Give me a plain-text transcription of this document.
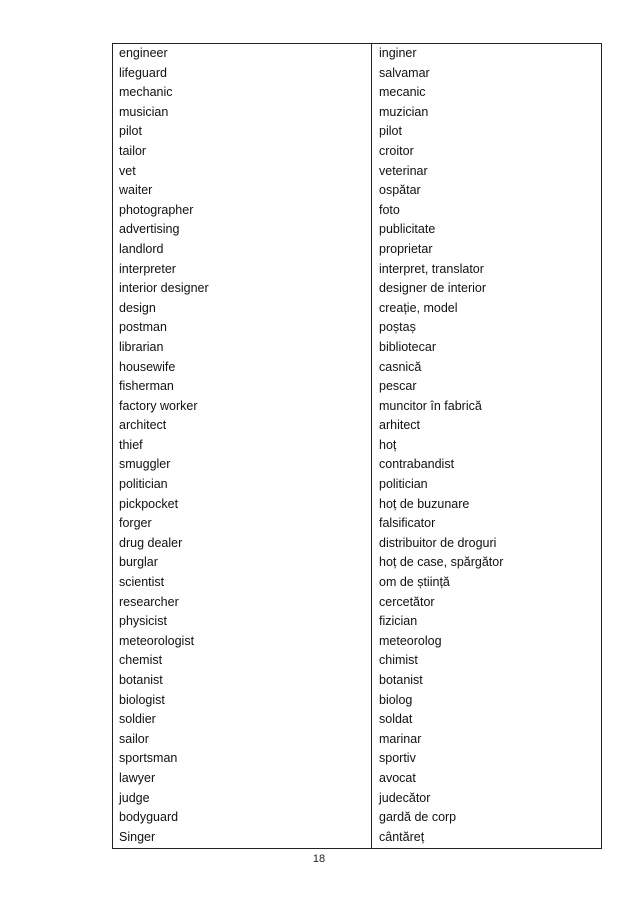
engineer
lifeguard
mechanic
musician
pilot
tailor
vet
waiter
photographer
advertising
landlord
interpreter
interior designer
design
postman
librarian
housewife
fisherman
factory worker
architect
thief
smuggler
politician
pickpocket
forger
drug dealer
burglar
scientist
researcher
physicist
meteorologist
chemist
botanist
biologist
soldier
sailor
sportsman
lawyer
judge
bodyguard
Singer
inginer
salvamar
mecanic
muzician
pilot
croitor
veterinar
ospătar
foto
publicitate
proprietar
interpret, translator
designer de interior
creație, model
poștaș
bibliotecar
casnică
pescar
muncitor în fabrică
arhitect
hoț
contrabandist
politician
hoț de buzunare
falsificator
distribuitor de droguri
hoț de case, spărgător
om de știință
cercetător
fizician
meteorolog
chimist
botanist
biolog
soldat
marinar
sportiv
avocat
judecător
gardă de corp
cântăreț
18
